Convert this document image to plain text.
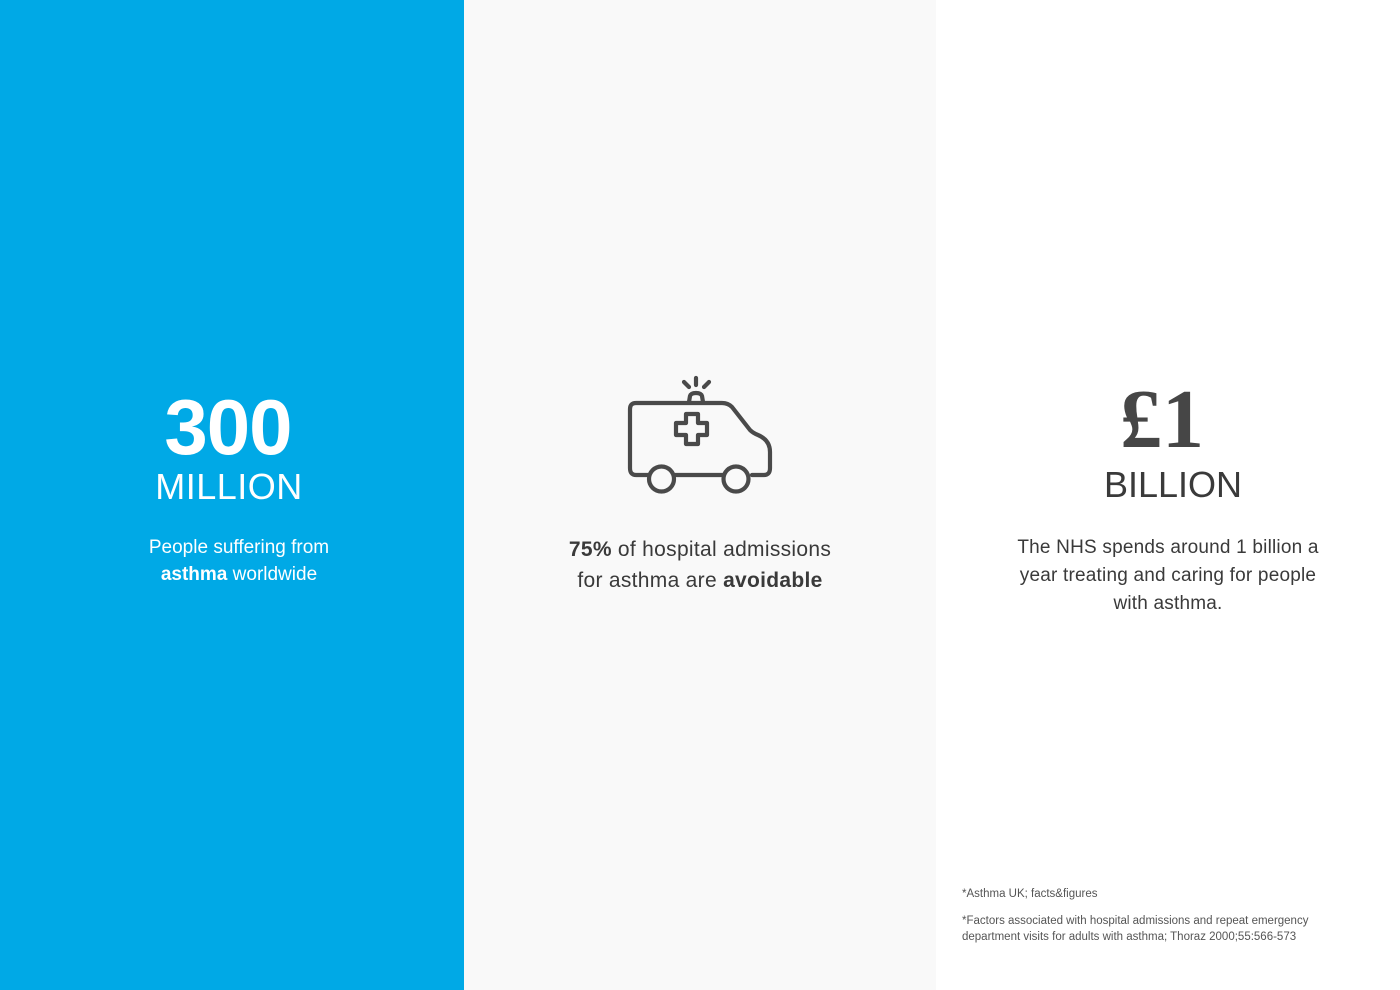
300
MILLION
People suffering from
asthma worldwide
75% of hospital admissions
for asthma are avoidable
£1
BILLION
The NHS spends around 1 billion a
year treating and caring for people
with asthma.
*Asthma UK; facts&figures
*Factors associated with hospital admissions and repeat emergency
department visits for adults with asthma; Thoraz 2000;55:566-573
